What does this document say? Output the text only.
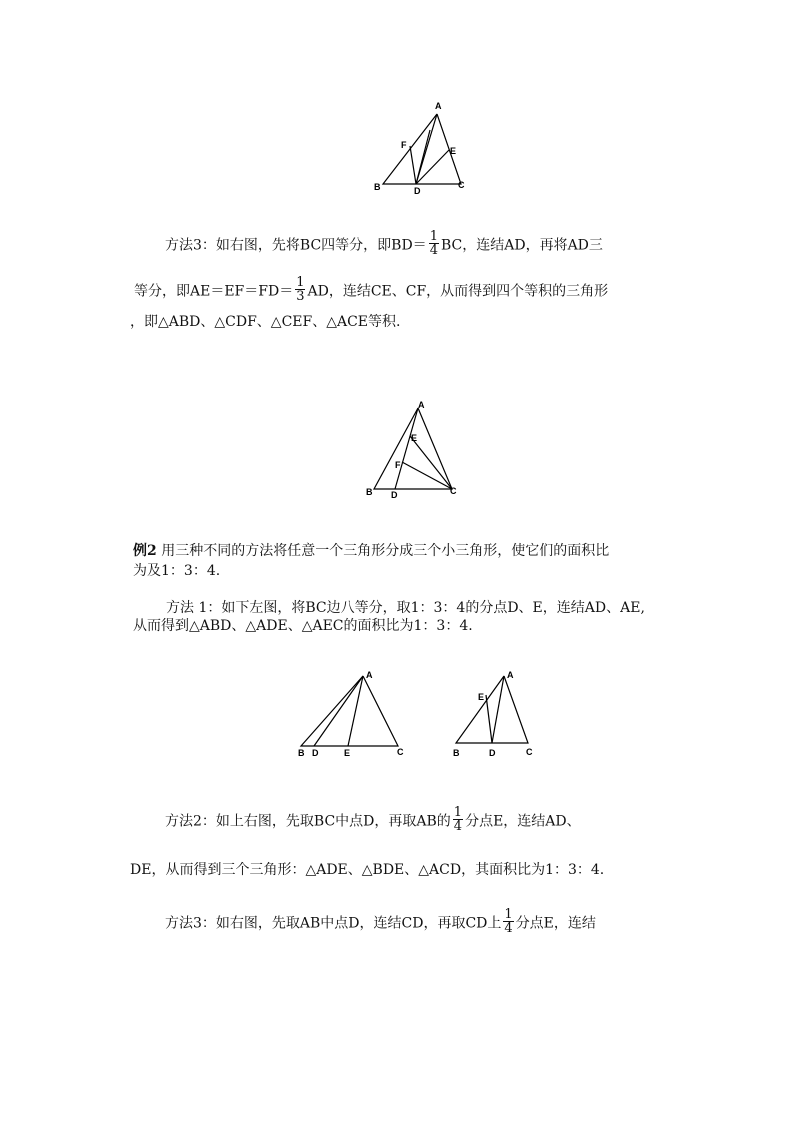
A
B	C
D
E
F
方法3：如右图，先将BC四等分，即$BD= \frac{1}{4}$ BC，连结AD，再将AD三
等分，即$AE=EF=FD= \frac{1}{3}$ AD，连结CE、CF，从而得到四个等积的三角形
，即△ABD、△CDF、△CEF、△ACE等积.
A
B	C
D
E
F
例2 用三种不同的方法将任意一个三角形分成三个小三角形，使它们的面积比
为及1：3：4.
方法 1：如下左图，将BC边八等分，取1：3：4的分点D、E，连结AD、AE,
从而得到△ABD、△ADE、△AEC的面积比为1：3：4.
A
B D	E	C
A
E
B	D	C
方法2：如上右图，先取BC中点D，再取AB的 $\frac{1}{4}$ 分点E，连结AD、
DE，从而得到三个三角形：△ADE、△BDE、△ACD，其面积比为1：3：4.
方法3：如右图，先取AB中点D，连结CD，再取CD上 $\frac{1}{4}$ 分点E，连结
